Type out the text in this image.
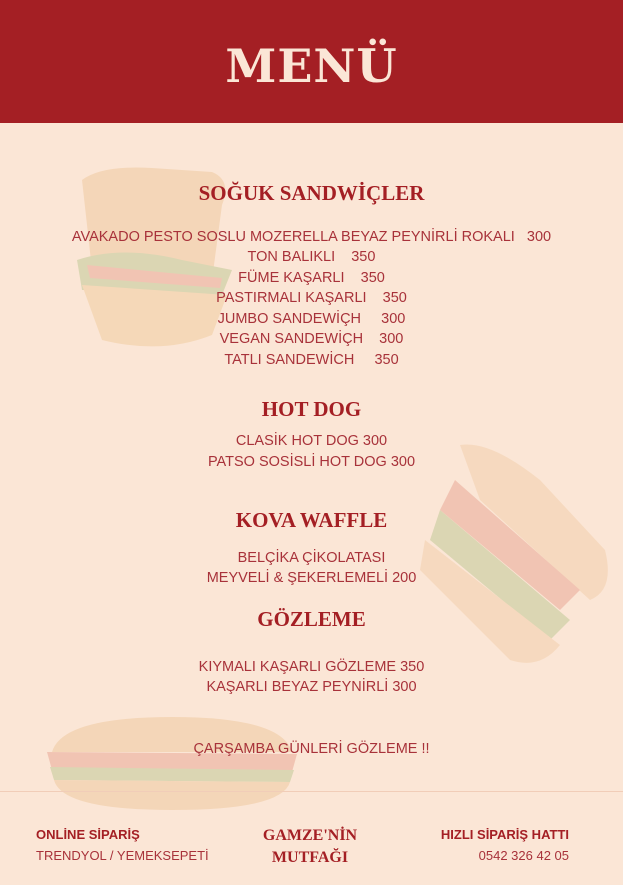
MENÜ
SOĞUK SANDWİÇLER
AVAKADO PESTO SOSLU MOZERELLA BEYAZ PEYNİRLİ ROKALI   300
TON BALIKLI    350
FÜME KAŞARLI    350
PASTIRMALI KAŞARLI    350
JUMBO SANDEWİÇH     300
VEGAN SANDEWİÇH    300
TATLI SANDEWİCH     350
HOT DOG
CLASİK HOT DOG 300
PATSO SOSİSLİ HOT DOG 300
KOVA WAFFLE
BELÇİKA ÇİKOLATASI
MEYVELİ & ŞEKERLEMELİ 200
GÖZLEME
KIYMALI KAŞARLI GÖZLEME 350
KAŞARLI BEYAZ PEYNİRLİ 300
ÇARŞAMBA GÜNLERİ GÖZLEME !!
ONLİNE SİPARİŞ
TRENDYOL / YEMEKSEPETİ
GAMZE'NİN
MUTFAĞI
HIZLI SİPARİŞ HATTI
0542 326 42 05
